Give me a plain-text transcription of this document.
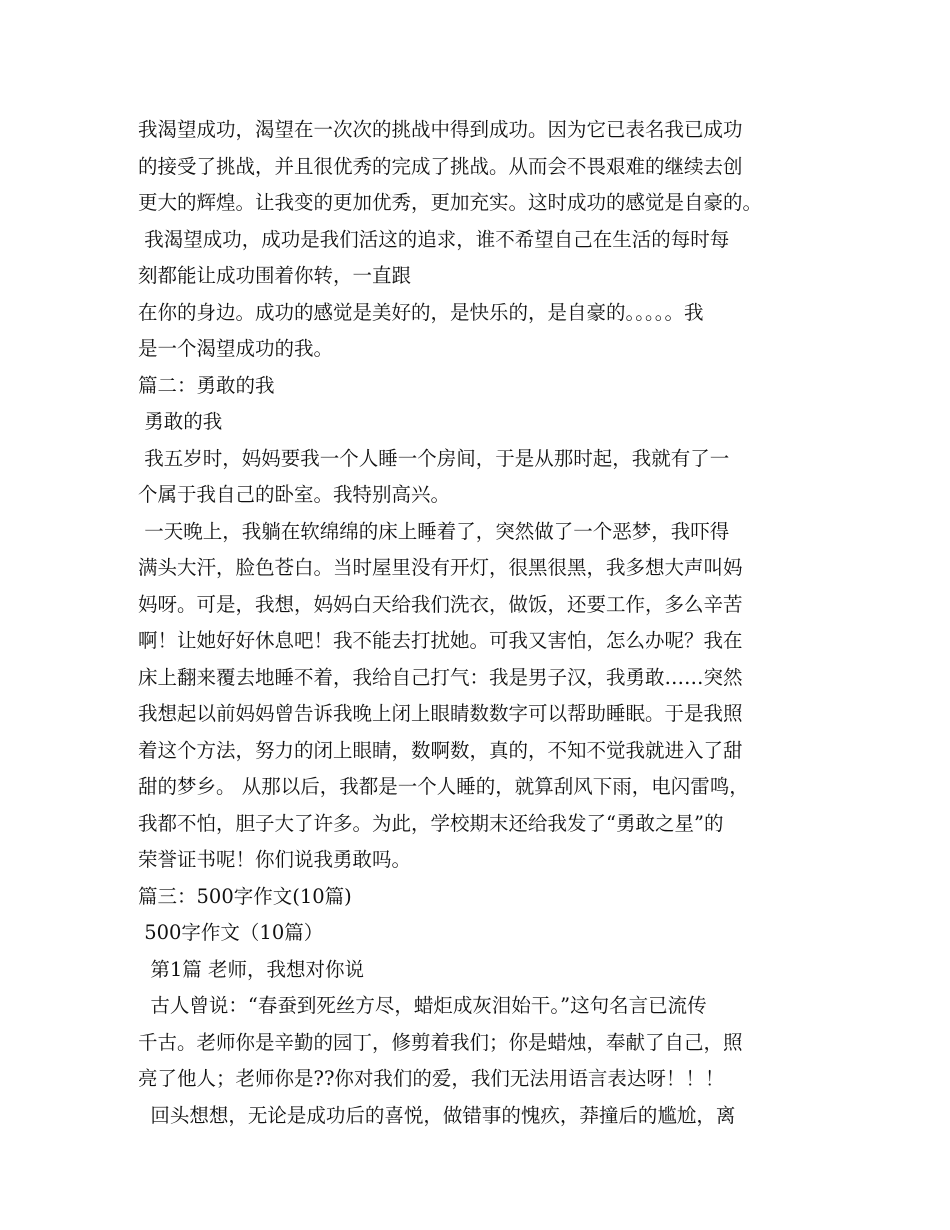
我渴望成功，渴望在一次次的挑战中得到成功。因为它已表名我已成功
的接受了挑战，并且很优秀的完成了挑战。从而会不畏艰难的继续去创
更大的辉煌。让我变的更加优秀，更加充实。这时成功的感觉是自豪的。
我渴望成功，成功是我们活这的追求，谁不希望自己在生活的每时每
刻都能让成功围着你转，一直跟
在你的身边。成功的感觉是美好的，是快乐的，是自豪的。。。。。我
是一个渴望成功的我。
篇二：勇敢的我
勇敢的我
我五岁时，妈妈要我一个人睡一个房间，于是从那时起，我就有了一
个属于我自己的卧室。我特别高兴。
一天晚上，我躺在软绵绵的床上睡着了，突然做了一个恶梦，我吓得
满头大汗，脸色苍白。当时屋里没有开灯，很黑很黑，我多想大声叫妈
妈呀。可是，我想，妈妈白天给我们洗衣，做饭，还要工作，多么辛苦
啊！让她好好休息吧！我不能去打扰她。可我又害怕，怎么办呢？我在
床上翻来覆去地睡不着，我给自己打气：我是男子汉，我勇敢……突然
我想起以前妈妈曾告诉我晚上闭上眼睛数数字可以帮助睡眠。于是我照
着这个方法，努力的闭上眼睛，数啊数，真的，不知不觉我就进入了甜
甜的梦乡。 从那以后，我都是一个人睡的，就算刮风下雨，电闪雷鸣，
我都不怕，胆子大了许多。为此，学校期末还给我发了“勇敢之星”的
荣誉证书呢！你们说我勇敢吗。
篇三：500字作文(10篇)
500字作文（10篇）
第1篇 老师，我想对你说
古人曾说：“春蚕到死丝方尽，蜡炬成灰泪始干。”这句名言已流传
千古。老师你是辛勤的园丁，修剪着我们；你是蜡烛，奉献了自己，照
亮了他人；老师你是??你对我们的爱，我们无法用语言表达呀！！！
回头想想，无论是成功后的喜悦，做错事的愧疚，莽撞后的尴尬，离
